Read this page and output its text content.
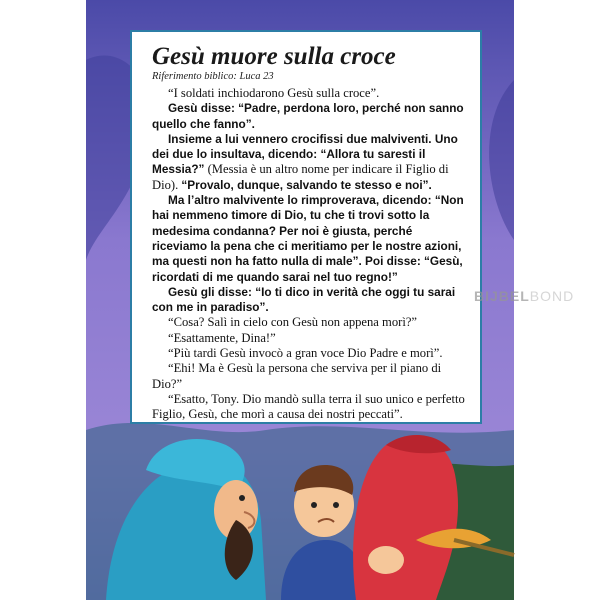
Gesù muore sulla croce
Riferimento biblico: Luca 23

“I soldati inchiodarono Gesù sulla croce”.

Gesù disse: “Padre, perdona loro, perché non sanno quello che fanno”.

Insieme a lui vennero crocifissi due malviventi. Uno dei due lo insultava, dicendo: “Allora tu saresti il Messia?” (Messia è un altro nome per indicare il Figlio di Dio). “Provalo, dunque, salvando te stesso e noi”.

Ma l’altro malvivente lo rimproverava, dicendo: “Non hai nemmeno timore di Dio, tu che ti trovi sotto la medesima condanna? Per noi è giusta, perché riceviamo la pena che ci meritiamo per le nostre azioni, ma questi non ha fatto nulla di male”. Poi disse: “Gesù, ricordati di me quando sarai nel tuo regno!”

Gesù gli disse: “Io ti dico in verità che oggi tu sarai con me in paradiso”.

“Cosa? Salì in cielo con Gesù non appena morì?”

“Esattamente, Dina!”

“Più tardi Gesù invocò a gran voce Dio Padre e morì”.

“Ehi! Ma è Gesù la persona che serviva per il piano di Dio?”

“Esatto, Tony. Dio mandò sulla terra il suo unico e perfetto Figlio, Gesù, che morì a causa dei nostri peccati”.

BIJBELBOND
